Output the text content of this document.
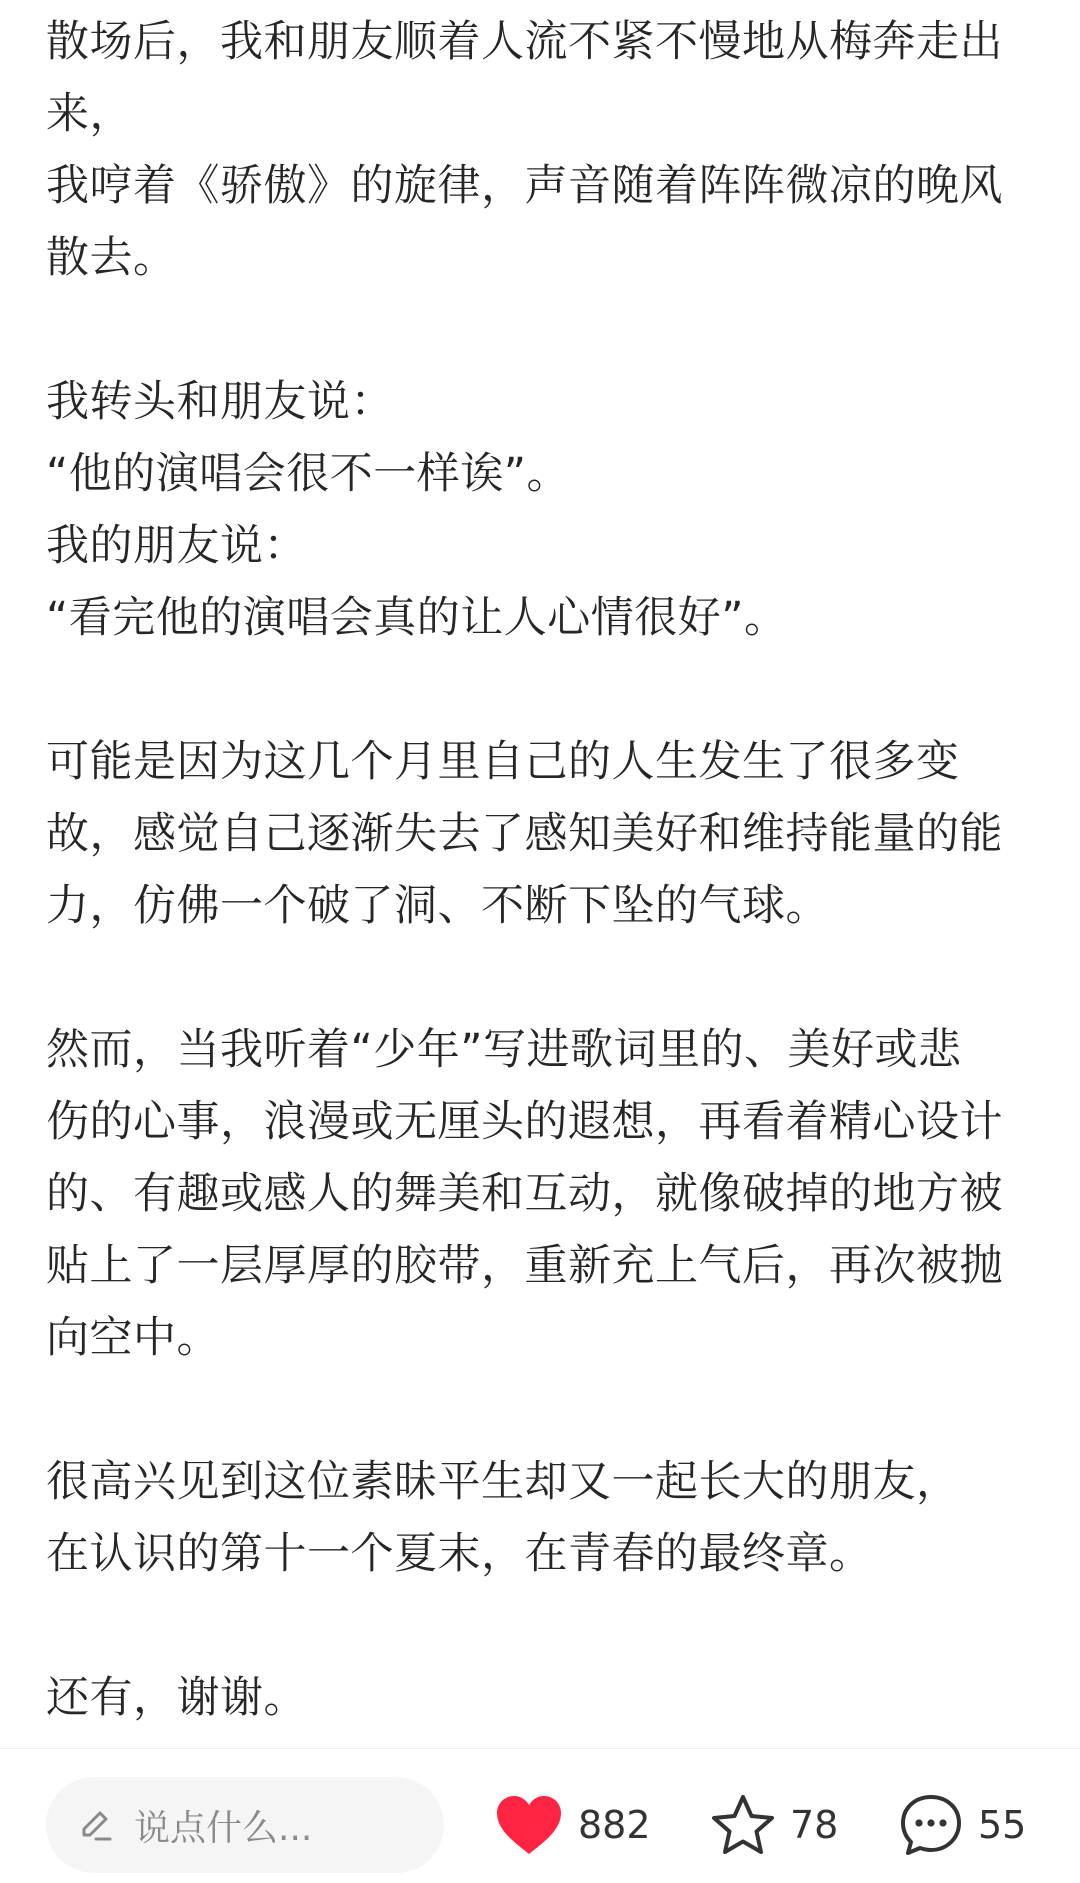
散场后，我和朋友顺着人流不紧不慢地从梅奔走出
来，
我哼着《骄傲》的旋律，声音随着阵阵微凉的晚风
散去。
我转头和朋友说：
“他的演唱会很不一样诶”。
我的朋友说：
“看完他的演唱会真的让人心情很好”。
可能是因为这几个月里自己的人生发生了很多变
故，感觉自己逐渐失去了感知美好和维持能量的能
力，仿佛一个破了洞、不断下坠的气球。
然而，当我听着“少年”写进歌词里的、美好或悲
伤的心事，浪漫或无厘头的遐想，再看着精心设计
的、有趣或感人的舞美和互动，就像破掉的地方被
贴上了一层厚厚的胶带，重新充上气后，再次被抛
向空中。
很高兴见到这位素昧平生却又一起长大的朋友，
在认识的第十一个夏末，在青春的最终章。
还有，谢谢。
说点什么...	882	78	55
